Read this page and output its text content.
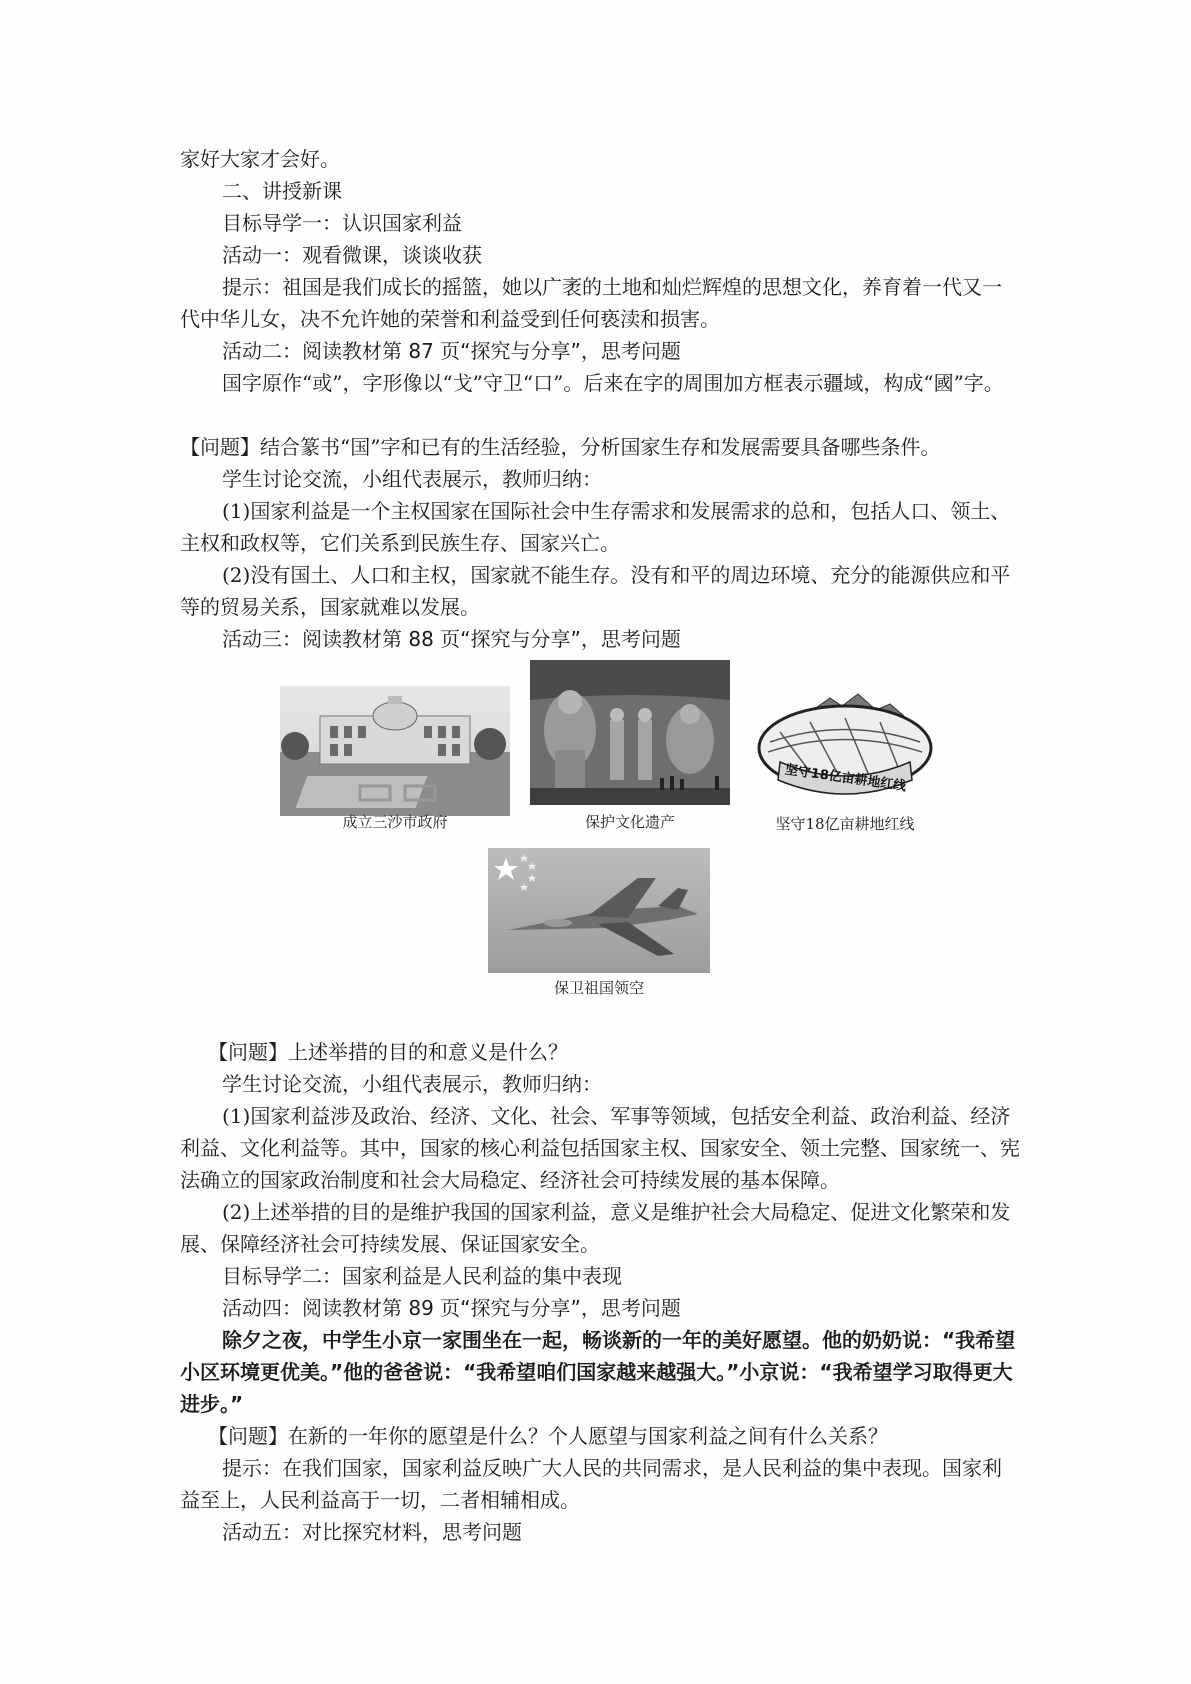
家好大家才会好。

二、讲授新课

目标导学一：认识国家利益

活动一：观看微课，谈谈收获

提示：祖国是我们成长的摇篮，她以广袤的土地和灿烂辉煌的思想文化，养育着一代又一代中华儿女，决不允许她的荣誉和利益受到任何亵渎和损害。

活动二：阅读教材第 87 页“探究与分享”，思考问题

国字原作“或”，字形像以“戈”守卫“口”。后来在字的周围加方框表示疆域，构成“國”字。

【问题】结合篆书“国”字和已有的生活经验，分析国家生存和发展需要具备哪些条件。

学生讨论交流，小组代表展示，教师归纳：

(1)国家利益是一个主权国家在国际社会中生存需求和发展需求的总和，包括人口、领土、主权和政权等，它们关系到民族生存、国家兴亡。

(2)没有国土、人口和主权，国家就不能生存。没有和平的周边环境、充分的能源供应和平等的贸易关系，国家就难以发展。

活动三：阅读教材第 88 页“探究与分享”，思考问题

成立三沙市政府	保护文化遗产
坚守18亿亩耕地红线
坚守18亿亩耕地红线
保卫祖国领空

【问题】上述举措的目的和意义是什么？

学生讨论交流，小组代表展示，教师归纳：

(1)国家利益涉及政治、经济、文化、社会、军事等领域，包括安全利益、政治利益、经济利益、文化利益等。其中，国家的核心利益包括国家主权、国家安全、领土完整、国家统一、宪法确立的国家政治制度和社会大局稳定、经济社会可持续发展的基本保障。

(2)上述举措的目的是维护我国的国家利益，意义是维护社会大局稳定、促进文化繁荣和发展、保障经济社会可持续发展、保证国家安全。

目标导学二：国家利益是人民利益的集中表现

活动四：阅读教材第 89 页“探究与分享”，思考问题

除夕之夜，中学生小京一家围坐在一起，畅谈新的一年的美好愿望。他的奶奶说：“我希望小区环境更优美。”他的爸爸说：“我希望咱们国家越来越强大。”小京说：“我希望学习取得更大进步。”

【问题】在新的一年你的愿望是什么？个人愿望与国家利益之间有什么关系？

提示：在我们国家，国家利益反映广大人民的共同需求，是人民利益的集中表现。国家利益至上，人民利益高于一切，二者相辅相成。

活动五：对比探究材料，思考问题
